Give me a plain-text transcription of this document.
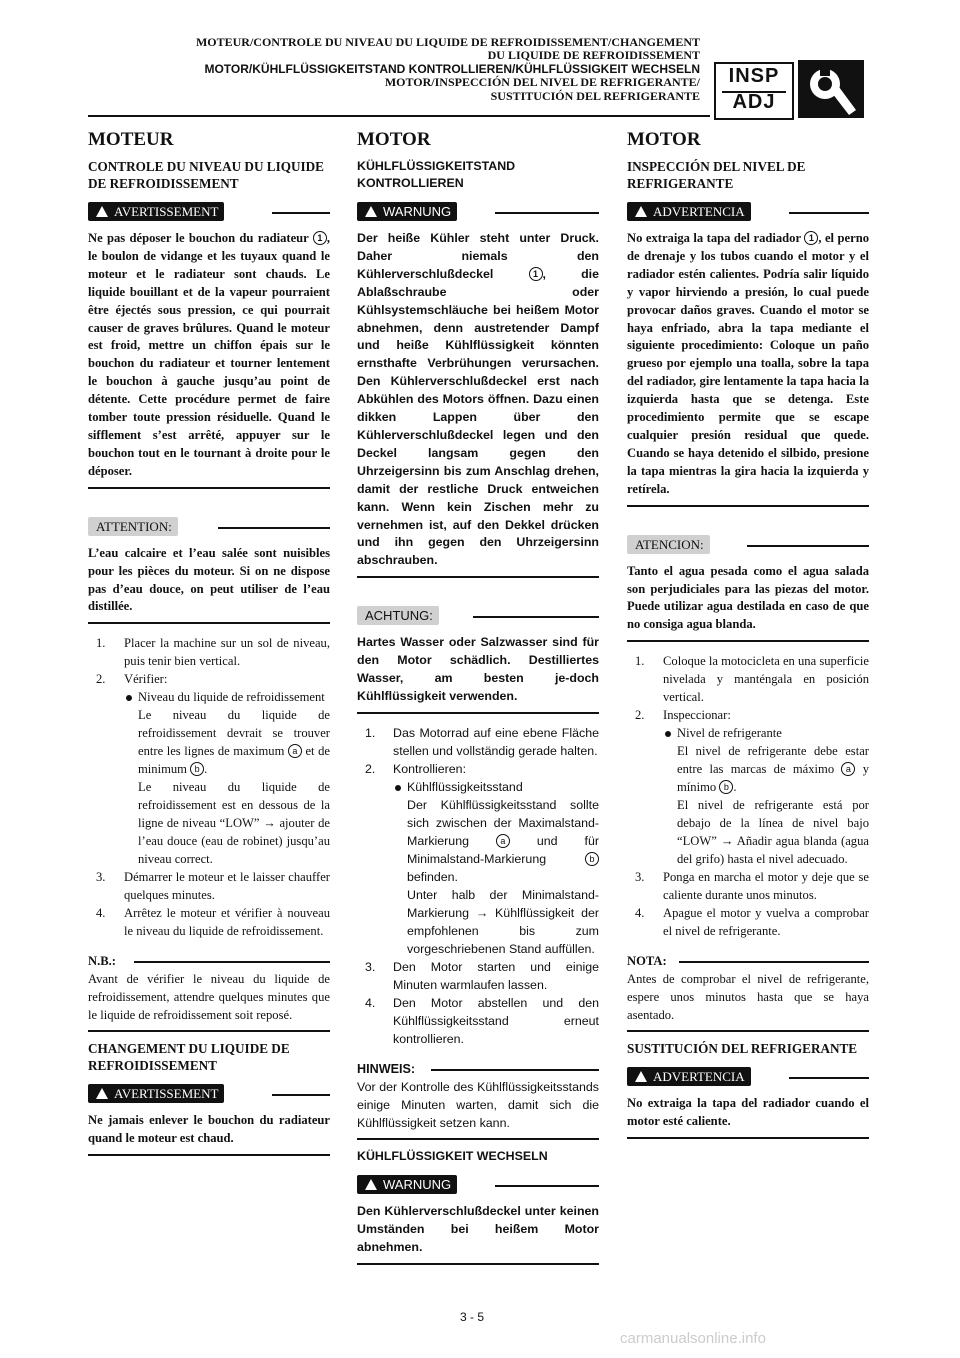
MOTEUR/CONTROLE DU NIVEAU DU LIQUIDE DE REFROIDISSEMENT/CHANGEMENT
DU LIQUIDE DE REFROIDISSEMENT
MOTOR/KÜHLFLÜSSIGKEITSTAND KONTROLLIEREN/KÜHLFLÜSSIGKEIT WECHSELN
MOTOR/INSPECCIÓN DEL NIVEL DE REFRIGERANTE/
SUSTITUCIÓN DEL REFRIGERANTE
INSP
ADJ
MOTEUR
CONTROLE DU NIVEAU DU LIQUIDE DE REFROIDISSEMENT
AVERTISSEMENT
Ne pas déposer le bouchon du radiateur 1 , le boulon de vidange et les tuyaux quand le moteur et le radiateur sont chauds. Le liquide bouillant et de la vapeur pourraient être éjectés sous pression, ce qui pourrait causer de graves brûlures. Quand le moteur est froid, mettre un chiffon épais sur le bouchon du radiateur et tourner lentement le bouchon à gauche jusqu’au point de détente. Cette procédure permet de faire tomber toute pression résiduelle. Quand le sifflement s’est arrêté, appuyer sur le bouchon tout en le tournant à droite pour le déposer.
ATTENTION:
L’eau calcaire et l’eau salée sont nuisibles pour les pièces du moteur. Si on ne dispose pas d’eau douce, on peut utiliser de l’eau distillée.
1. Placer la machine sur un sol de niveau, puis tenir bien vertical.
2. Vérifier:
Niveau du liquide de refroidissement
Le niveau du liquide de refroidissement devrait se trouver entre les lignes de maximum a et de minimum b .
Le niveau du liquide de refroidissement est en dessous de la ligne de niveau “LOW” → ajouter de l’eau douce (eau de robinet) jusqu’au niveau correct.
3. Démarrer le moteur et le laisser chauffer quelques minutes.
4. Arrêtez le moteur et vérifier à nouveau le niveau du liquide de refroidissement.
N.B.:
Avant de vérifier le niveau du liquide de refroidissement, attendre quelques minutes que le liquide de refroidissement soit reposé.
CHANGEMENT DU LIQUIDE DE REFROIDISSEMENT
AVERTISSEMENT
Ne jamais enlever le bouchon du radiateur quand le moteur est chaud.
MOTOR
KÜHLFLÜSSIGKEITSTAND KONTROLLIEREN
WARNUNG
Der heiße Kühler steht unter Druck. Daher niemals den Kühlerverschlußdeckel 1 , die Ablaßschraube oder Kühlsystemschläuche bei heißem Motor abnehmen, denn austretender Dampf und heiße Kühlflüssigkeit könnten ernsthafte Verbrühungen verursachen. Den Kühlerverschlußdeckel erst nach Abkühlen des Motors öffnen. Dazu einen dikken Lappen über den Kühlerverschlußdeckel legen und den Deckel langsam gegen den Uhrzeigersinn bis zum Anschlag drehen, damit der restliche Druck entweichen kann. Wenn kein Zischen mehr zu vernehmen ist, auf den Dekkel drücken und ihn gegen den Uhrzeigersinn abschrauben.
ACHTUNG:
Hartes Wasser oder Salzwasser sind für den Motor schädlich. Destilliertes Wasser, am besten je-doch Kühlflüssigkeit verwenden.
1. Das Motorrad auf eine ebene Fläche stellen und vollständig gerade halten.
2. Kontrollieren:
Kühlflüssigkeitsstand
Der Kühlflüssigkeitsstand sollte sich zwischen der Maximalstand-Markierung a und für Minimalstand-Markierung b befinden.
Unter halb der Minimalstand-Markierung → Kühlflüssigkeit der empfohlenen bis zum vorgeschriebenen Stand auffüllen.
3. Den Motor starten und einige Minuten warmlaufen lassen.
4. Den Motor abstellen und den Kühlflüssigkeitsstand erneut kontrollieren.
HINWEIS:
Vor der Kontrolle des Kühlflüssigkeitsstands einige Minuten warten, damit sich die Kühlflüssigkeit setzen kann.
KÜHLFLÜSSIGKEIT WECHSELN
WARNUNG
Den Kühlerverschlußdeckel unter keinen Umständen bei heißem Motor abnehmen.
MOTOR
INSPECCIÓN DEL NIVEL DE REFRIGERANTE
ADVERTENCIA
No extraiga la tapa del radiador 1 , el perno de drenaje y los tubos cuando el motor y el radiador estén calientes. Podría salir líquido y vapor hirviendo a presión, lo cual puede provocar daños graves. Cuando el motor se haya enfriado, abra la tapa mediante el siguiente procedimiento: Coloque un paño grueso por ejemplo una toalla, sobre la tapa del radiador, gire lentamente la tapa hacia la izquierda hasta que se detenga. Este procedimiento permite que se escape cualquier presión residual que quede. Cuando se haya detenido el silbido, presione la tapa mientras la gira hacia la izquierda y retírela.
ATENCION:
Tanto el agua pesada como el agua salada son perjudiciales para las piezas del motor. Puede utilizar agua destilada en caso de que no consiga agua blanda.
1. Coloque la motocicleta en una superficie nivelada y manténgala en posición vertical.
2. Inspeccionar:
Nivel de refrigerante
El nivel de refrigerante debe estar entre las marcas de máximo a y mínimo b .
El nivel de refrigerante está por debajo de la línea de nivel bajo “LOW” → Añadir agua blanda (agua del grifo) hasta el nivel adecuado.
3. Ponga en marcha el motor y deje que se caliente durante unos minutos.
4. Apague el motor y vuelva a comprobar el nivel de refrigerante.
NOTA:
Antes de comprobar el nivel de refrigerante, espere unos minutos hasta que se haya asentado.
SUSTITUCIÓN DEL REFRIGERANTE
ADVERTENCIA
No extraiga la tapa del radiador cuando el motor esté caliente.
3 - 5
carmanualsonline.info
